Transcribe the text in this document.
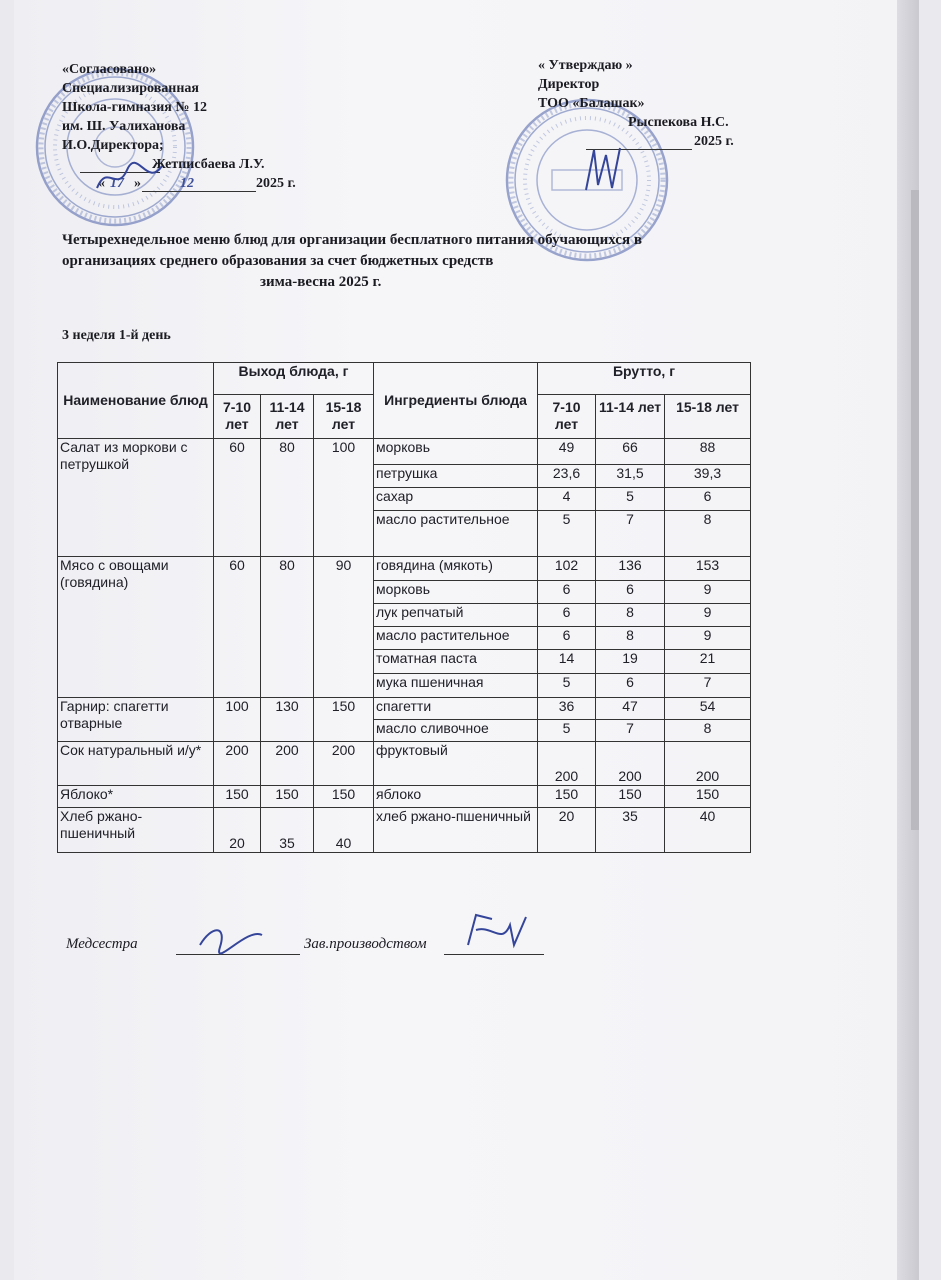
«Согласовано»
Специализированная
Школа-гимназия № 12
им. Ш. Уалиханова
И.О.Директора;
Жетписбаева Л.У.
« 17 »	12	2025 г.
« Утверждаю »
Директор
ТОО «Балашак»
Рыспекова Н.С.
2025 г.
Четырехнедельное меню блюд для организации бесплатного питания обучающихся в
организациях среднего образования за счет бюджетных средств
зима-весна 2025 г.
3 неделя 1-й день
Наименование блюд	Выход блюда, г			Ингредиенты блюда	Брутто, г		
	7-10 лет	11-14 лет	15-18 лет		7-10 лет	11-14 лет	15-18 лет
Салат из моркови с петрушкой	60	80	100	морковь	49	66	88
				петрушка	23,6	31,5	39,3
				сахар	4	5	6
				масло растительное	5	7	8
Мясо с овощами (говядина)	60	80	90	говядина (мякоть)	102	136	153
				морковь	6	6	9
				лук репчатый	6	8	9
				масло растительное	6	8	9
				томатная паста	14	19	21
				мука пшеничная	5	6	7
Гарнир: спагетти отварные	100	130	150	спагетти	36	47	54
				масло сливочное	5	7	8
Сок натуральный и/у*	200	200	200	фруктовый	200	200	200
Яблоко*	150	150	150	яблоко	150	150	150
Хлеб ржано-пшеничный	20	35	40	хлеб ржано-пшеничный	20	35	40
Медсестра	Зав.производством
